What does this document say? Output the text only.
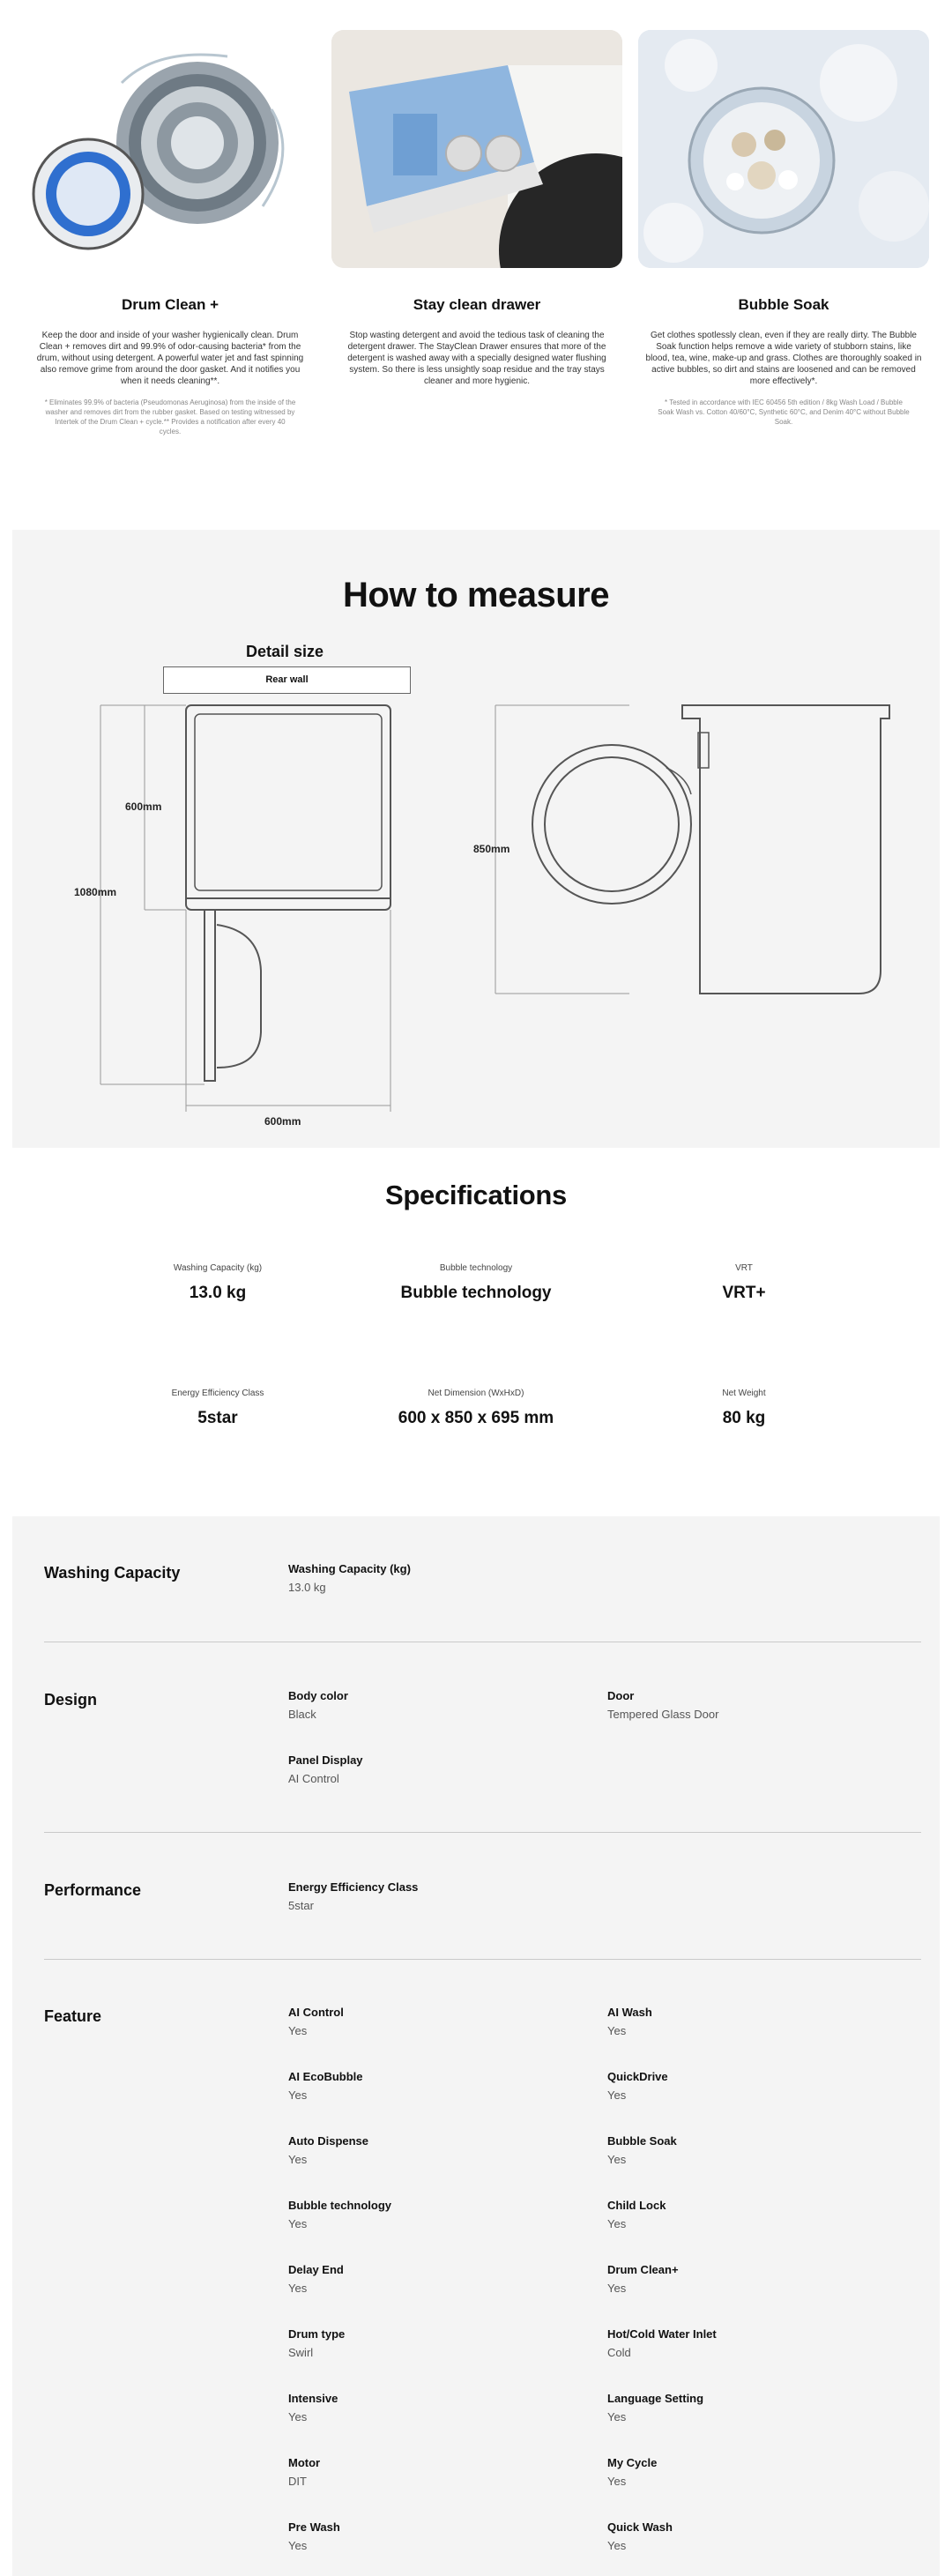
Drum Clean +

Keep the door and inside of your washer hygienically clean. Drum Clean + removes dirt and 99.9% of odor-causing bacteria* from the drum, without using detergent. A powerful water jet and fast spinning also remove grime from around the door gasket. And it notifies you when it needs cleaning**.

* Eliminates 99.9% of bacteria (Pseudomonas Aeruginosa) from the inside of the washer and removes dirt from the rubber gasket. Based on testing witnessed by Intertek of the Drum Clean + cycle.** Provides a notification after every 40 cycles.

Stay clean drawer

Stop wasting detergent and avoid the tedious task of cleaning the detergent drawer. The StayClean Drawer ensures that more of the detergent is washed away with a specially designed water flushing system. So there is less unsightly soap residue and the tray stays cleaner and more hygienic.

Bubble Soak

Get clothes spotlessly clean, even if they are really dirty. The Bubble Soak function helps remove a wide variety of stubborn stains, like blood, tea, wine, make-up and grass. Clothes are thoroughly soaked in active bubbles, so dirt and stains are loosened and can be removed more effectively*.

* Tested in accordance with IEC 60456 5th edition / 8kg Wash Load / Bubble Soak Wash vs. Cotton 40/60°C, Synthetic 60°C, and Denim 40°C without Bubble Soak.

How to measure
Detail size
Rear wall
600mm
1080mm
600mm
850mm
Specifications
Washing Capacity (kg)
13.0 kg
Bubble technology
Bubble technology
VRT
VRT+
Energy Efficiency Class
5star
Net Dimension (WxHxD)
600 x 850 x 695 mm
Net Weight
80 kg
Washing Capacity	Washing Capacity (kg)
13.0 kg
Design	Body color
Black
Door
Tempered Glass Door
Panel Display
AI Control
Performance	Energy Efficiency Class
5star
Feature	AI Control
Yes
AI Wash
Yes
AI EcoBubble
Yes
QuickDrive
Yes
Auto Dispense
Yes
Bubble Soak
Yes
Bubble technology
Yes
Child Lock
Yes
Delay End
Yes
Drum Clean+
Yes
Drum type
Swirl
Hot/Cold Water Inlet
Cold
Intensive
Yes
Language Setting
Yes
Motor
DIT
My Cycle
Yes
Pre Wash
Yes
Quick Wash
Yes
